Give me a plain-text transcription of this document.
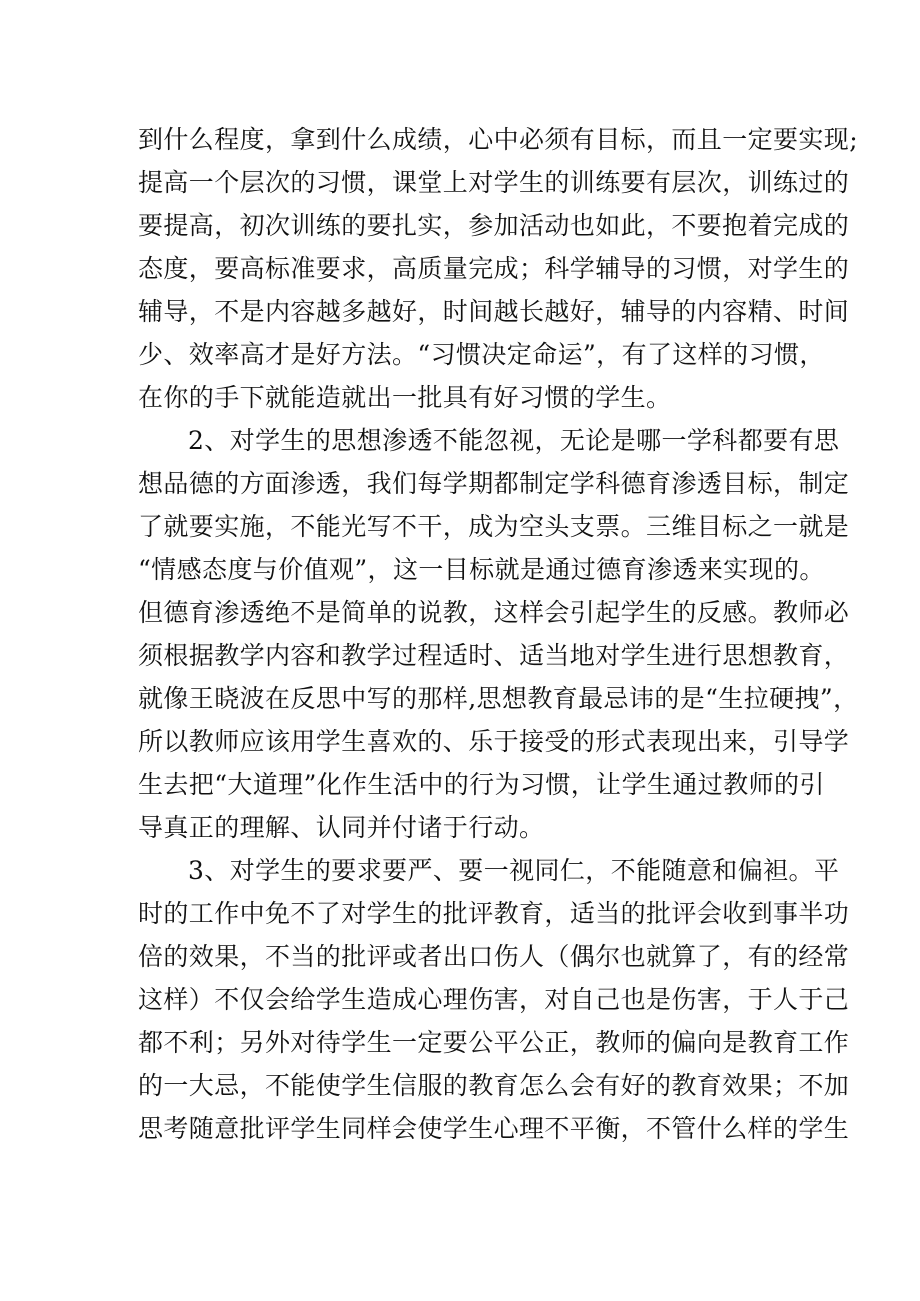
到什么程度，拿到什么成绩，心中必须有目标，而且一定要实现;
提高一个层次的习惯，课堂上对学生的训练要有层次，训练过的
要提高，初次训练的要扎实，参加活动也如此，不要抱着完成的
态度，要高标准要求，高质量完成；科学辅导的习惯，对学生的
辅导，不是内容越多越好，时间越长越好，辅导的内容精、时间
少、效率高才是好方法。“习惯决定命运”，有了这样的习惯，
在你的手下就能造就出一批具有好习惯的学生。
2、对学生的思想渗透不能忽视，无论是哪一学科都要有思
想品德的方面渗透，我们每学期都制定学科德育渗透目标，制定
了就要实施，不能光写不干，成为空头支票。三维目标之一就是
“情感态度与价值观”，这一目标就是通过德育渗透来实现的。
但德育渗透绝不是简单的说教，这样会引起学生的反感。教师必
须根据教学内容和教学过程适时、适当地对学生进行思想教育，
就像王晓波在反思中写的那样,思想教育最忌讳的是“生拉硬拽”，
所以教师应该用学生喜欢的、乐于接受的形式表现出来，引导学
生去把“大道理”化作生活中的行为习惯，让学生通过教师的引
导真正的理解、认同并付诸于行动。
3、对学生的要求要严、要一视同仁，不能随意和偏袒。平
时的工作中免不了对学生的批评教育，适当的批评会收到事半功
倍的效果，不当的批评或者出口伤人（偶尔也就算了，有的经常
这样）不仅会给学生造成心理伤害，对自己也是伤害，于人于己
都不利；另外对待学生一定要公平公正，教师的偏向是教育工作
的一大忌，不能使学生信服的教育怎么会有好的教育效果；不加
思考随意批评学生同样会使学生心理不平衡，不管什么样的学生
